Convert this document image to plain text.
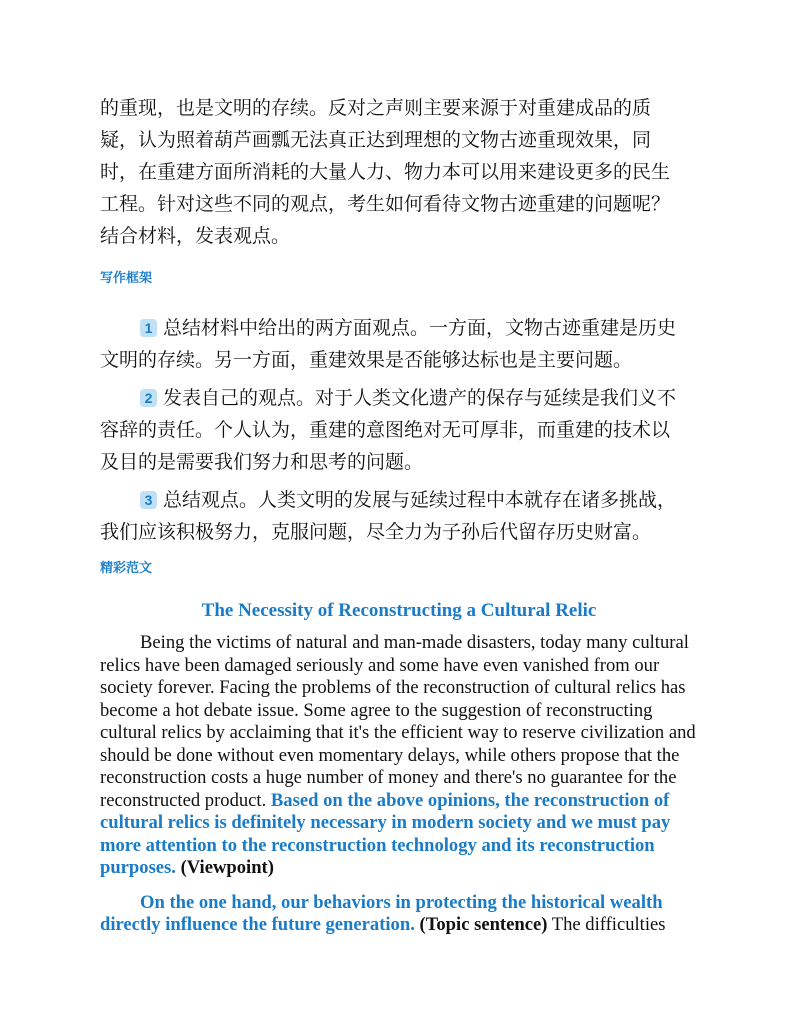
的重现，也是文明的存续。反对之声则主要来源于对重建成品的质

疑，认为照着葫芦画瓢无法真正达到理想的文物古迹重现效果，同

时，在重建方面所消耗的大量人力、物力本可以用来建设更多的民生

工程。针对这些不同的观点，考生如何看待文物古迹重建的问题呢？

结合材料，发表观点。

写作框架

1 总结材料中给出的两方面观点。一方面，文物古迹重建是历史

文明的存续。另一方面，重建效果是否能够达标也是主要问题。

2 发表自己的观点。对于人类文化遗产的保存与延续是我们义不

容辞的责任。个人认为，重建的意图绝对无可厚非，而重建的技术以

及目的是需要我们努力和思考的问题。

3 总结观点。人类文明的发展与延续过程中本就存在诸多挑战，

我们应该积极努力，克服问题，尽全力为子孙后代留存历史财富。

精彩范文
The Necessity of Reconstructing a Cultural Relic

Being the victims of natural and man-made disasters, today many cultural relics have been damaged seriously and some have even vanished from our society forever. Facing the problems of the reconstruction of cultural relics has become a hot debate issue. Some agree to the suggestion of reconstructing cultural relics by acclaiming that it's the efficient way to reserve civilization and should be done without even momentary delays, while others propose that the reconstruction costs a huge number of money and there's no guarantee for the reconstructed product. Based on the above opinions, the reconstruction of cultural relics is definitely necessary in modern society and we must pay more attention to the reconstruction technology and its reconstruction purposes. (Viewpoint)

On the one hand, our behaviors in protecting the historical wealth directly influence the future generation. (Topic sentence) The difficulties
